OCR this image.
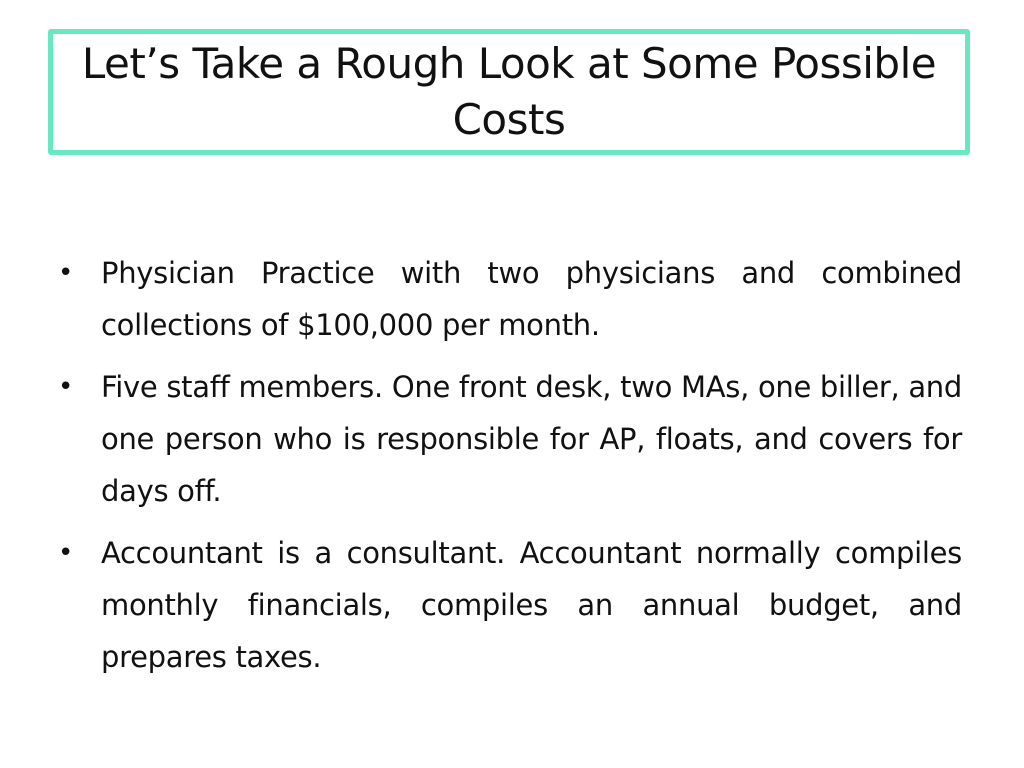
Let’s Take a Rough Look at Some Possible Costs
• Physician Practice with two physicians and combined collections of $100,000 per month.
• Five staff members. One front desk, two MAs, one biller, and one person who is responsible for AP, floats, and covers for days off.
• Accountant is a consultant. Accountant normally compiles monthly financials, compiles an annual budget, and prepares taxes.
